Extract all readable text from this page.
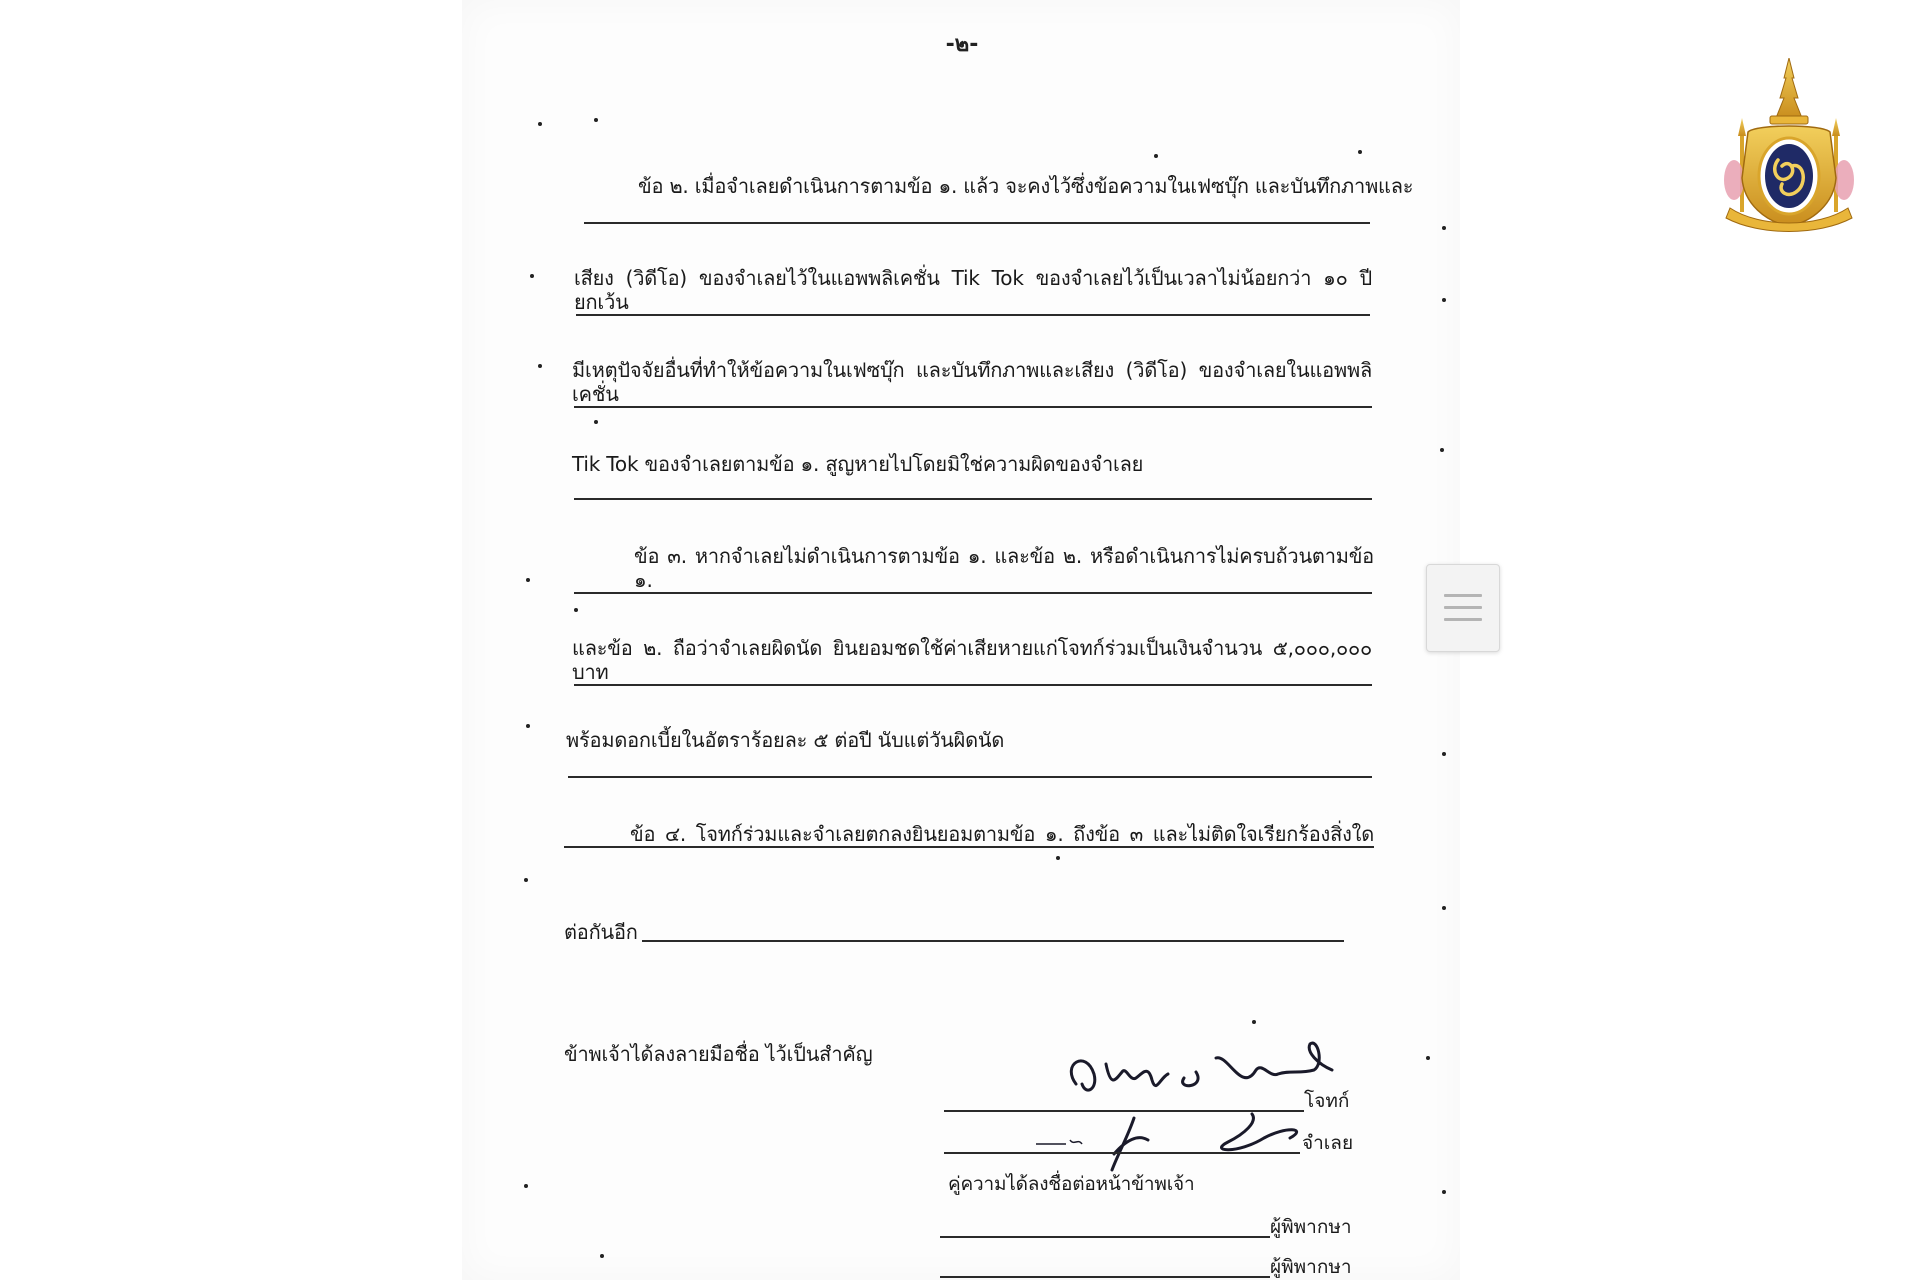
-๒-
ข้อ ๒. เมื่อจำเลยดำเนินการตามข้อ ๑. แล้ว จะคงไว้ซึ่งข้อความในเฟซบุ๊ก และบันทึกภาพและ
เสียง (วิดีโอ) ของจำเลยไว้ในแอพพลิเคชั่น Tik Tok ของจำเลยไว้เป็นเวลาไม่น้อยกว่า ๑๐ ปี ยกเว้น
มีเหตุปัจจัยอื่นที่ทำให้ข้อความในเฟซบุ๊ก และบันทึกภาพและเสียง (วิดีโอ) ของจำเลยในแอพพลิเคชั่น
Tik Tok ของจำเลยตามข้อ ๑. สูญหายไปโดยมิใช่ความผิดของจำเลย
ข้อ ๓. หากจำเลยไม่ดำเนินการตามข้อ ๑. และข้อ ๒. หรือดำเนินการไม่ครบถ้วนตามข้อ ๑.
และข้อ ๒. ถือว่าจำเลยผิดนัด ยินยอมชดใช้ค่าเสียหายแก่โจทก์ร่วมเป็นเงินจำนวน ๕,๐๐๐,๐๐๐ บาท
พร้อมดอกเบี้ยในอัตราร้อยละ ๕ ต่อปี นับแต่วันผิดนัด
ข้อ ๔. โจทก์ร่วมและจำเลยตกลงยินยอมตามข้อ ๑. ถึงข้อ ๓ และไม่ติดใจเรียกร้องสิ่งใด
ต่อกันอีก
ข้าพเจ้าได้ลงลายมือชื่อ ไว้เป็นสำคัญ
โจทก์
จำเลย
คู่ความได้ลงชื่อต่อหน้าข้าพเจ้า
ผู้พิพากษา
ผู้พิพากษา
